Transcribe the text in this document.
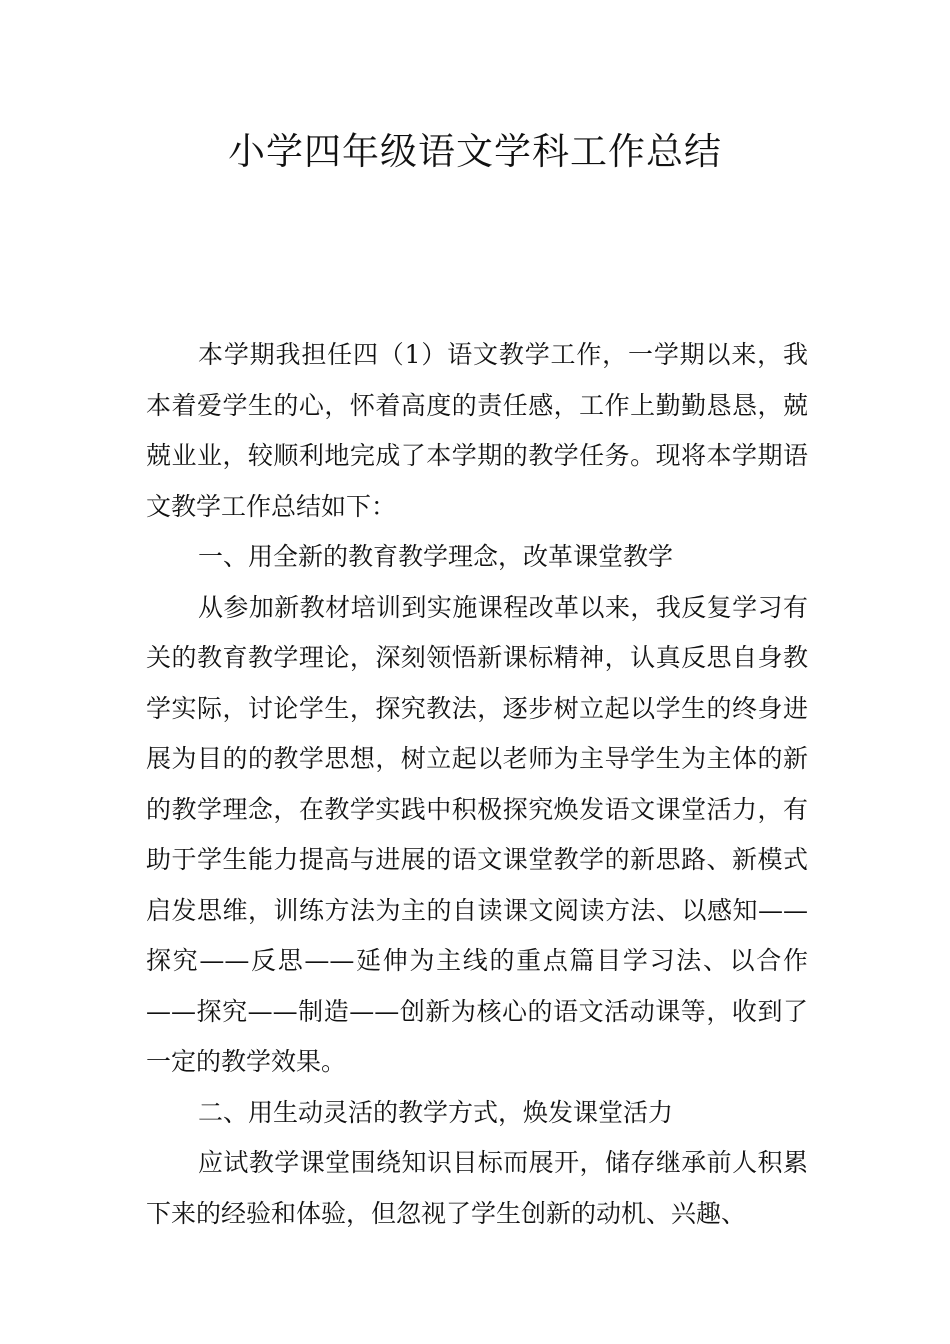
小学四年级语文学科工作总结

本学期我担任四（1）语文教学工作，一学期以来，我本着爱学生的心，怀着高度的责任感，工作上勤勤恳恳，兢兢业业，较顺利地完成了本学期的教学任务。现将本学期语文教学工作总结如下：

一、用全新的教育教学理念，改革课堂教学

从参加新教材培训到实施课程改革以来，我反复学习有关的教育教学理论，深刻领悟新课标精神，认真反思自身教学实际，讨论学生，探究教法，逐步树立起以学生的终身进展为目的的教学思想，树立起以老师为主导学生为主体的新的教学理念，在教学实践中积极探究焕发语文课堂活力，有助于学生能力提高与进展的语文课堂教学的新思路、新模式启发思维，训练方法为主的自读课文阅读方法、以感知——探究——反思——延伸为主线的重点篇目学习法、以合作——探究——制造——创新为核心的语文活动课等，收到了一定的教学效果。

二、用生动灵活的教学方式，焕发课堂活力

应试教学课堂围绕知识目标而展开，储存继承前人积累下来的经验和体验，但忽视了学生创新的动机、兴趣、
